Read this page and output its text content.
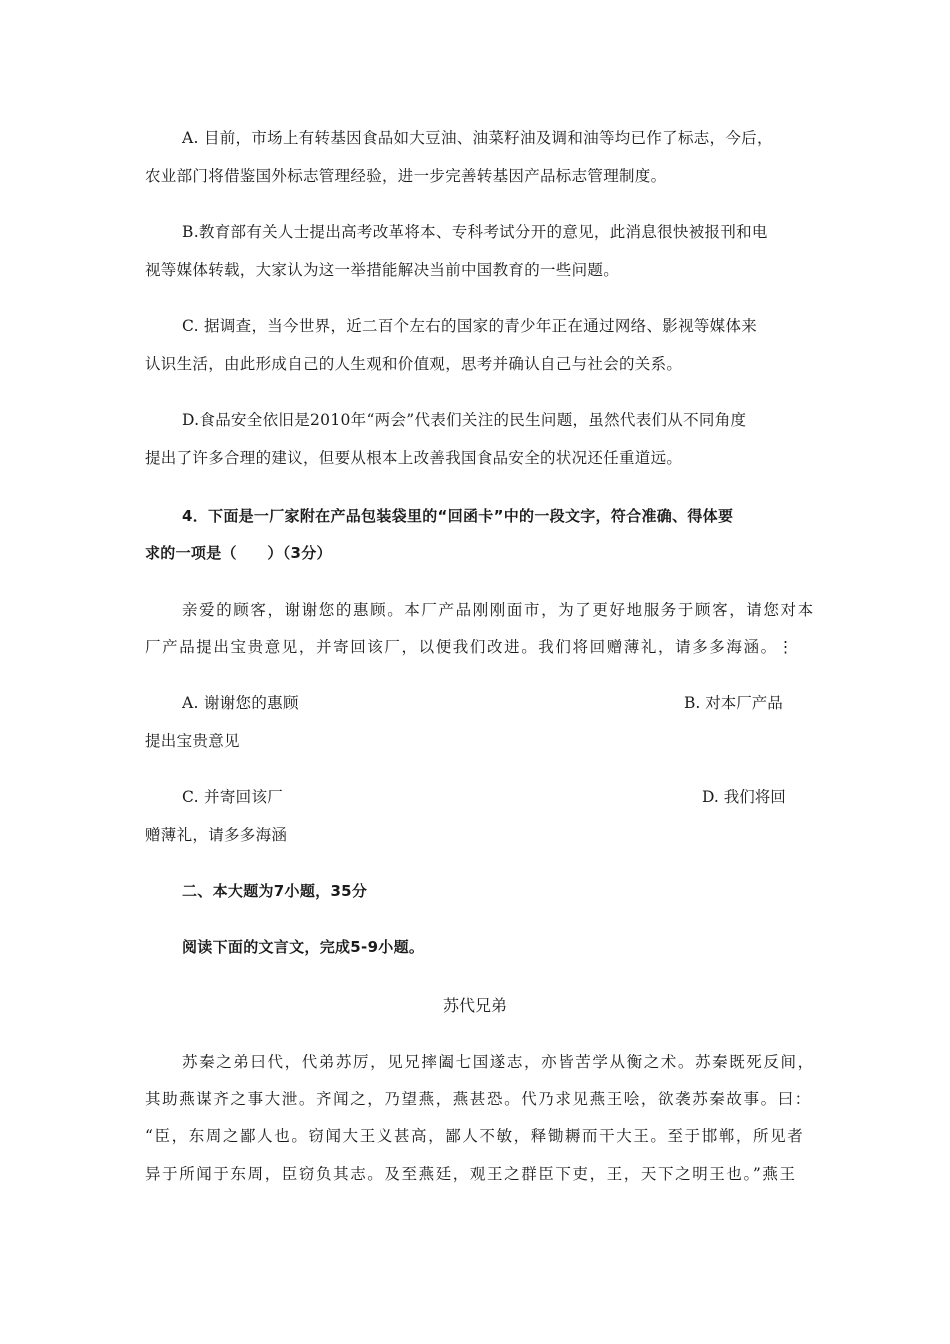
A. 目前，市场上有转基因食品如大豆油、油菜籽油及调和油等均已作了标志，今后，
农业部门将借鉴国外标志管理经验，进一步完善转基因产品标志管理制度。
B.教育部有关人士提出高考改革将本、专科考试分开的意见，此消息很快被报刊和电
视等媒体转载，大家认为这一举措能解决当前中国教育的一些问题。
C. 据调查，当今世界，近二百个左右的国家的青少年正在通过网络、影视等媒体来
认识生活，由此形成自己的人生观和价值观，思考并确认自己与社会的关系。
D.食品安全依旧是2010年“两会”代表们关注的民生问题，虽然代表们从不同角度
提出了许多合理的建议，但要从根本上改善我国食品安全的状况还任重道远。
4．下面是一厂家附在产品包装袋里的“回函卡”中的一段文字，符合准确、得体要
求的一项是（　　）（3分）
亲爱的顾客，谢谢您的惠顾。本厂产品刚刚面市，为了更好地服务于顾客，请您对本
厂产品提出宝贵意见，并寄回该厂，以便我们改进。我们将回赠薄礼，请多多海涵。⋮
A. 谢谢您的惠顾	B. 对本厂产品
提出宝贵意见
C. 并寄回该厂	D. 我们将回
赠薄礼，请多多海涵
二、本大题为7小题，35分
阅读下面的文言文，完成5-9小题。
苏代兄弟
苏秦之弟曰代，代弟苏厉，见兄摔阖七国遂志，亦皆苦学从衡之术。苏秦既死反间，
其助燕谋齐之事大泄。齐闻之，乃望燕，燕甚恐。代乃求见燕王哙，欲袭苏秦故事。曰：
“臣，东周之鄙人也。窃闻大王义甚高，鄙人不敏，释锄耨而干大王。至于邯郸，所见者
异于所闻于东周，臣窃负其志。及至燕廷，观王之群臣下吏，王，天下之明王也。”燕王
